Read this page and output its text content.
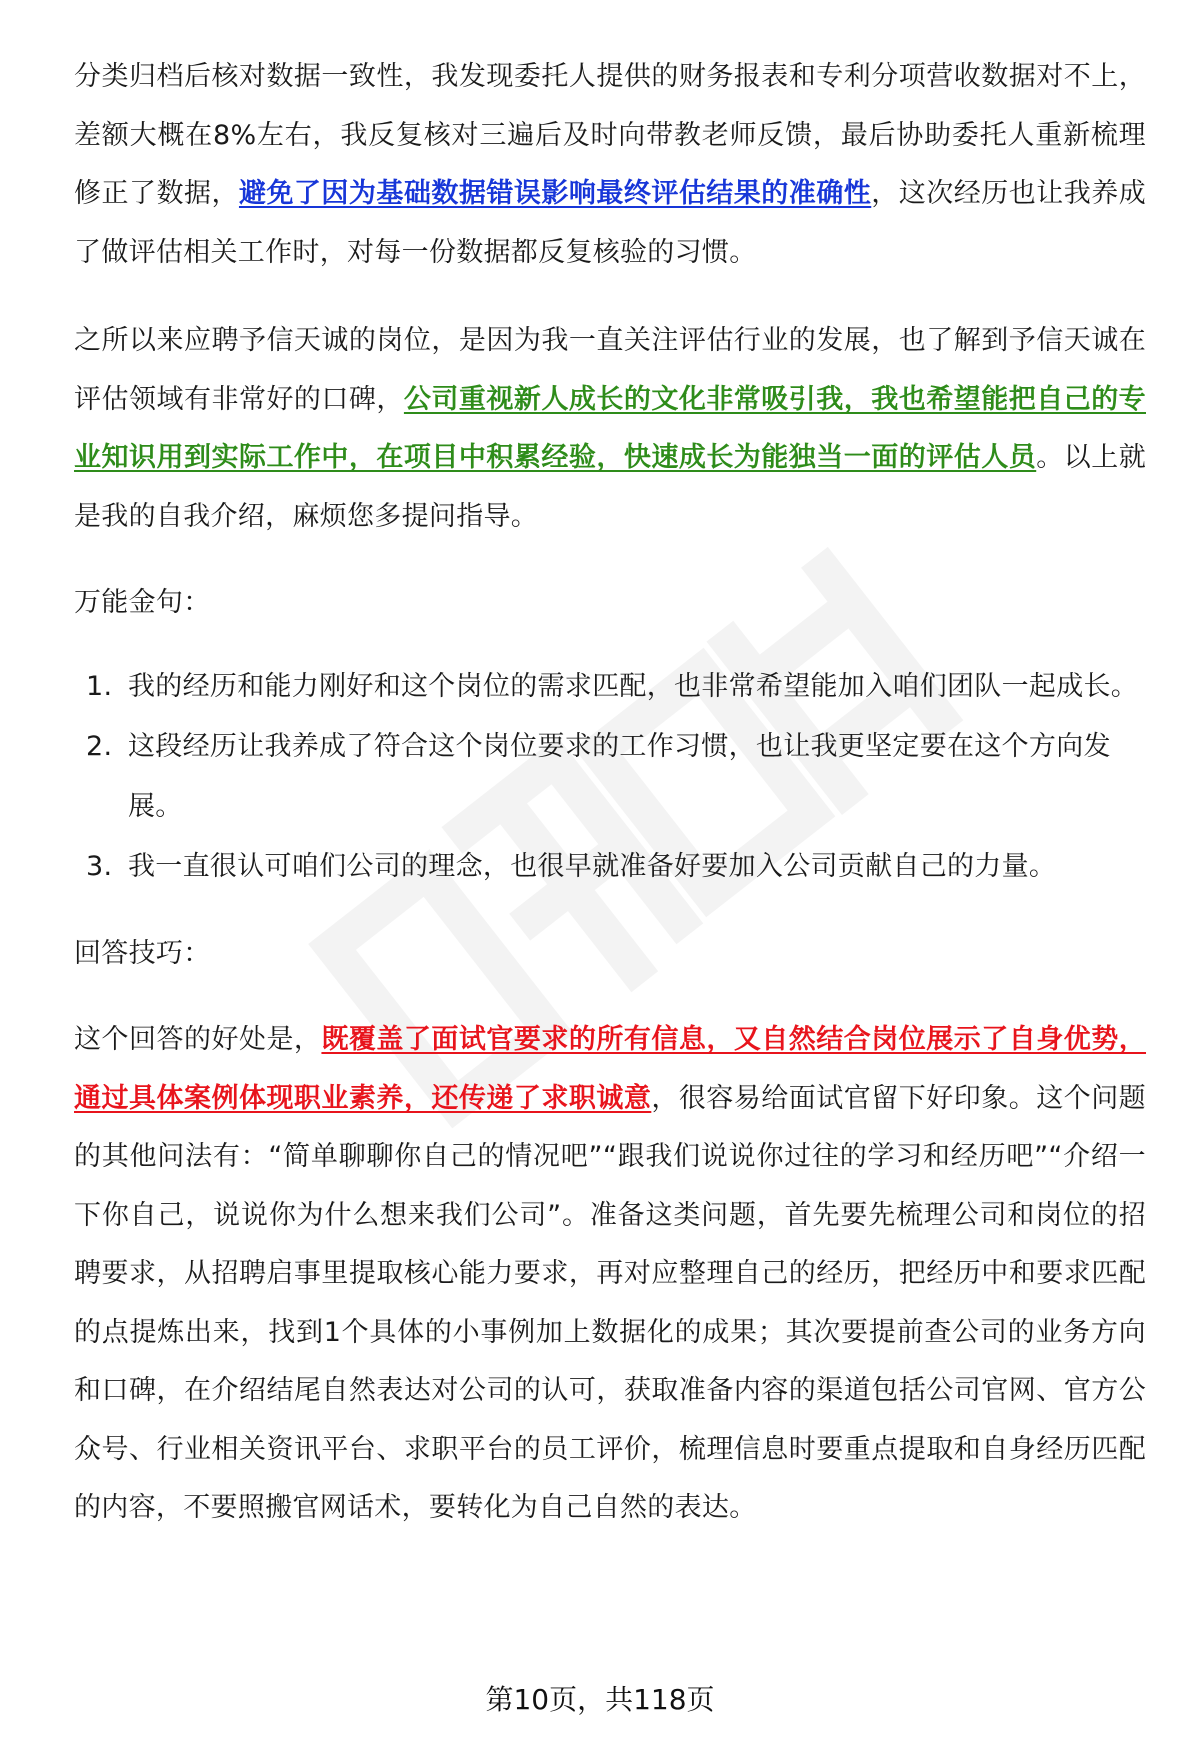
分类归档后核对数据一致性，我发现委托人提供的财务报表和专利分项营收数据对不上，差额大概在8%左右，我反复核对三遍后及时向带教老师反馈，最后协助委托人重新梳理修正了数据，避免了因为基础数据错误影响最终评估结果的准确性，这次经历也让我养成了做评估相关工作时，对每一份数据都反复核验的习惯。

之所以来应聘予信天诚的岗位，是因为我一直关注评估行业的发展，也了解到予信天诚在评估领域有非常好的口碑，公司重视新人成长的文化非常吸引我，我也希望能把自己的专业知识用到实际工作中，在项目中积累经验，快速成长为能独当一面的评估人员。以上就是我的自我介绍，麻烦您多提问指导。

万能金句：

1. 我的经历和能力刚好和这个岗位的需求匹配，也非常希望能加入咱们团队一起成长。
2. 这段经历让我养成了符合这个岗位要求的工作习惯，也让我更坚定要在这个方向发展。
3. 我一直很认可咱们公司的理念，也很早就准备好要加入公司贡献自己的力量。

回答技巧：

这个回答的好处是，既覆盖了面试官要求的所有信息，又自然结合岗位展示了自身优势，通过具体案例体现职业素养，还传递了求职诚意，很容易给面试官留下好印象。这个问题的其他问法有：“简单聊聊你自己的情况吧”“跟我们说说你过往的学习和经历吧”“介绍一下你自己，说说你为什么想来我们公司”。准备这类问题，首先要先梳理公司和岗位的招聘要求，从招聘启事里提取核心能力要求，再对应整理自己的经历，把经历中和要求匹配的点提炼出来，找到1个具体的小事例加上数据化的成果；其次要提前查公司的业务方向和口碑，在介绍结尾自然表达对公司的认可，获取准备内容的渠道包括公司官网、官方公众号、行业相关资讯平台、求职平台的员工评价，梳理信息时要重点提取和自身经历匹配的内容，不要照搬官网话术，要转化为自己自然的表达。

第10页，共118页
